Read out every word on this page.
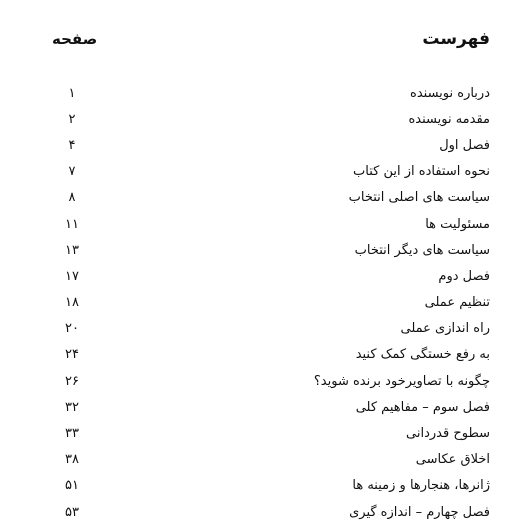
فهرست
صفحه
درباره نویسنده
۱
مقدمه نویسنده
۲
فصل اول
۴
نحوه استفاده از این کتاب
۷
سیاست های اصلی انتخاب
۸
مسئولیت ها
۱۱
سیاست های دیگر انتخاب
۱۳
فصل دوم
۱۷
تنظیم عملی
۱۸
راه اندازی عملی
۲۰
به رفع خستگی کمک کنید
۲۴
چگونه با تصاویرخود برنده شوید؟
۲۶
فصل سوم – مفاهیم کلی
۳۲
سطوح قدردانی
۳۳
اخلاق عکاسی
۳۸
ژانرها، هنجارها و زمینه ها
۵۱
فصل چهارم – اندازه گیری
۵۳
